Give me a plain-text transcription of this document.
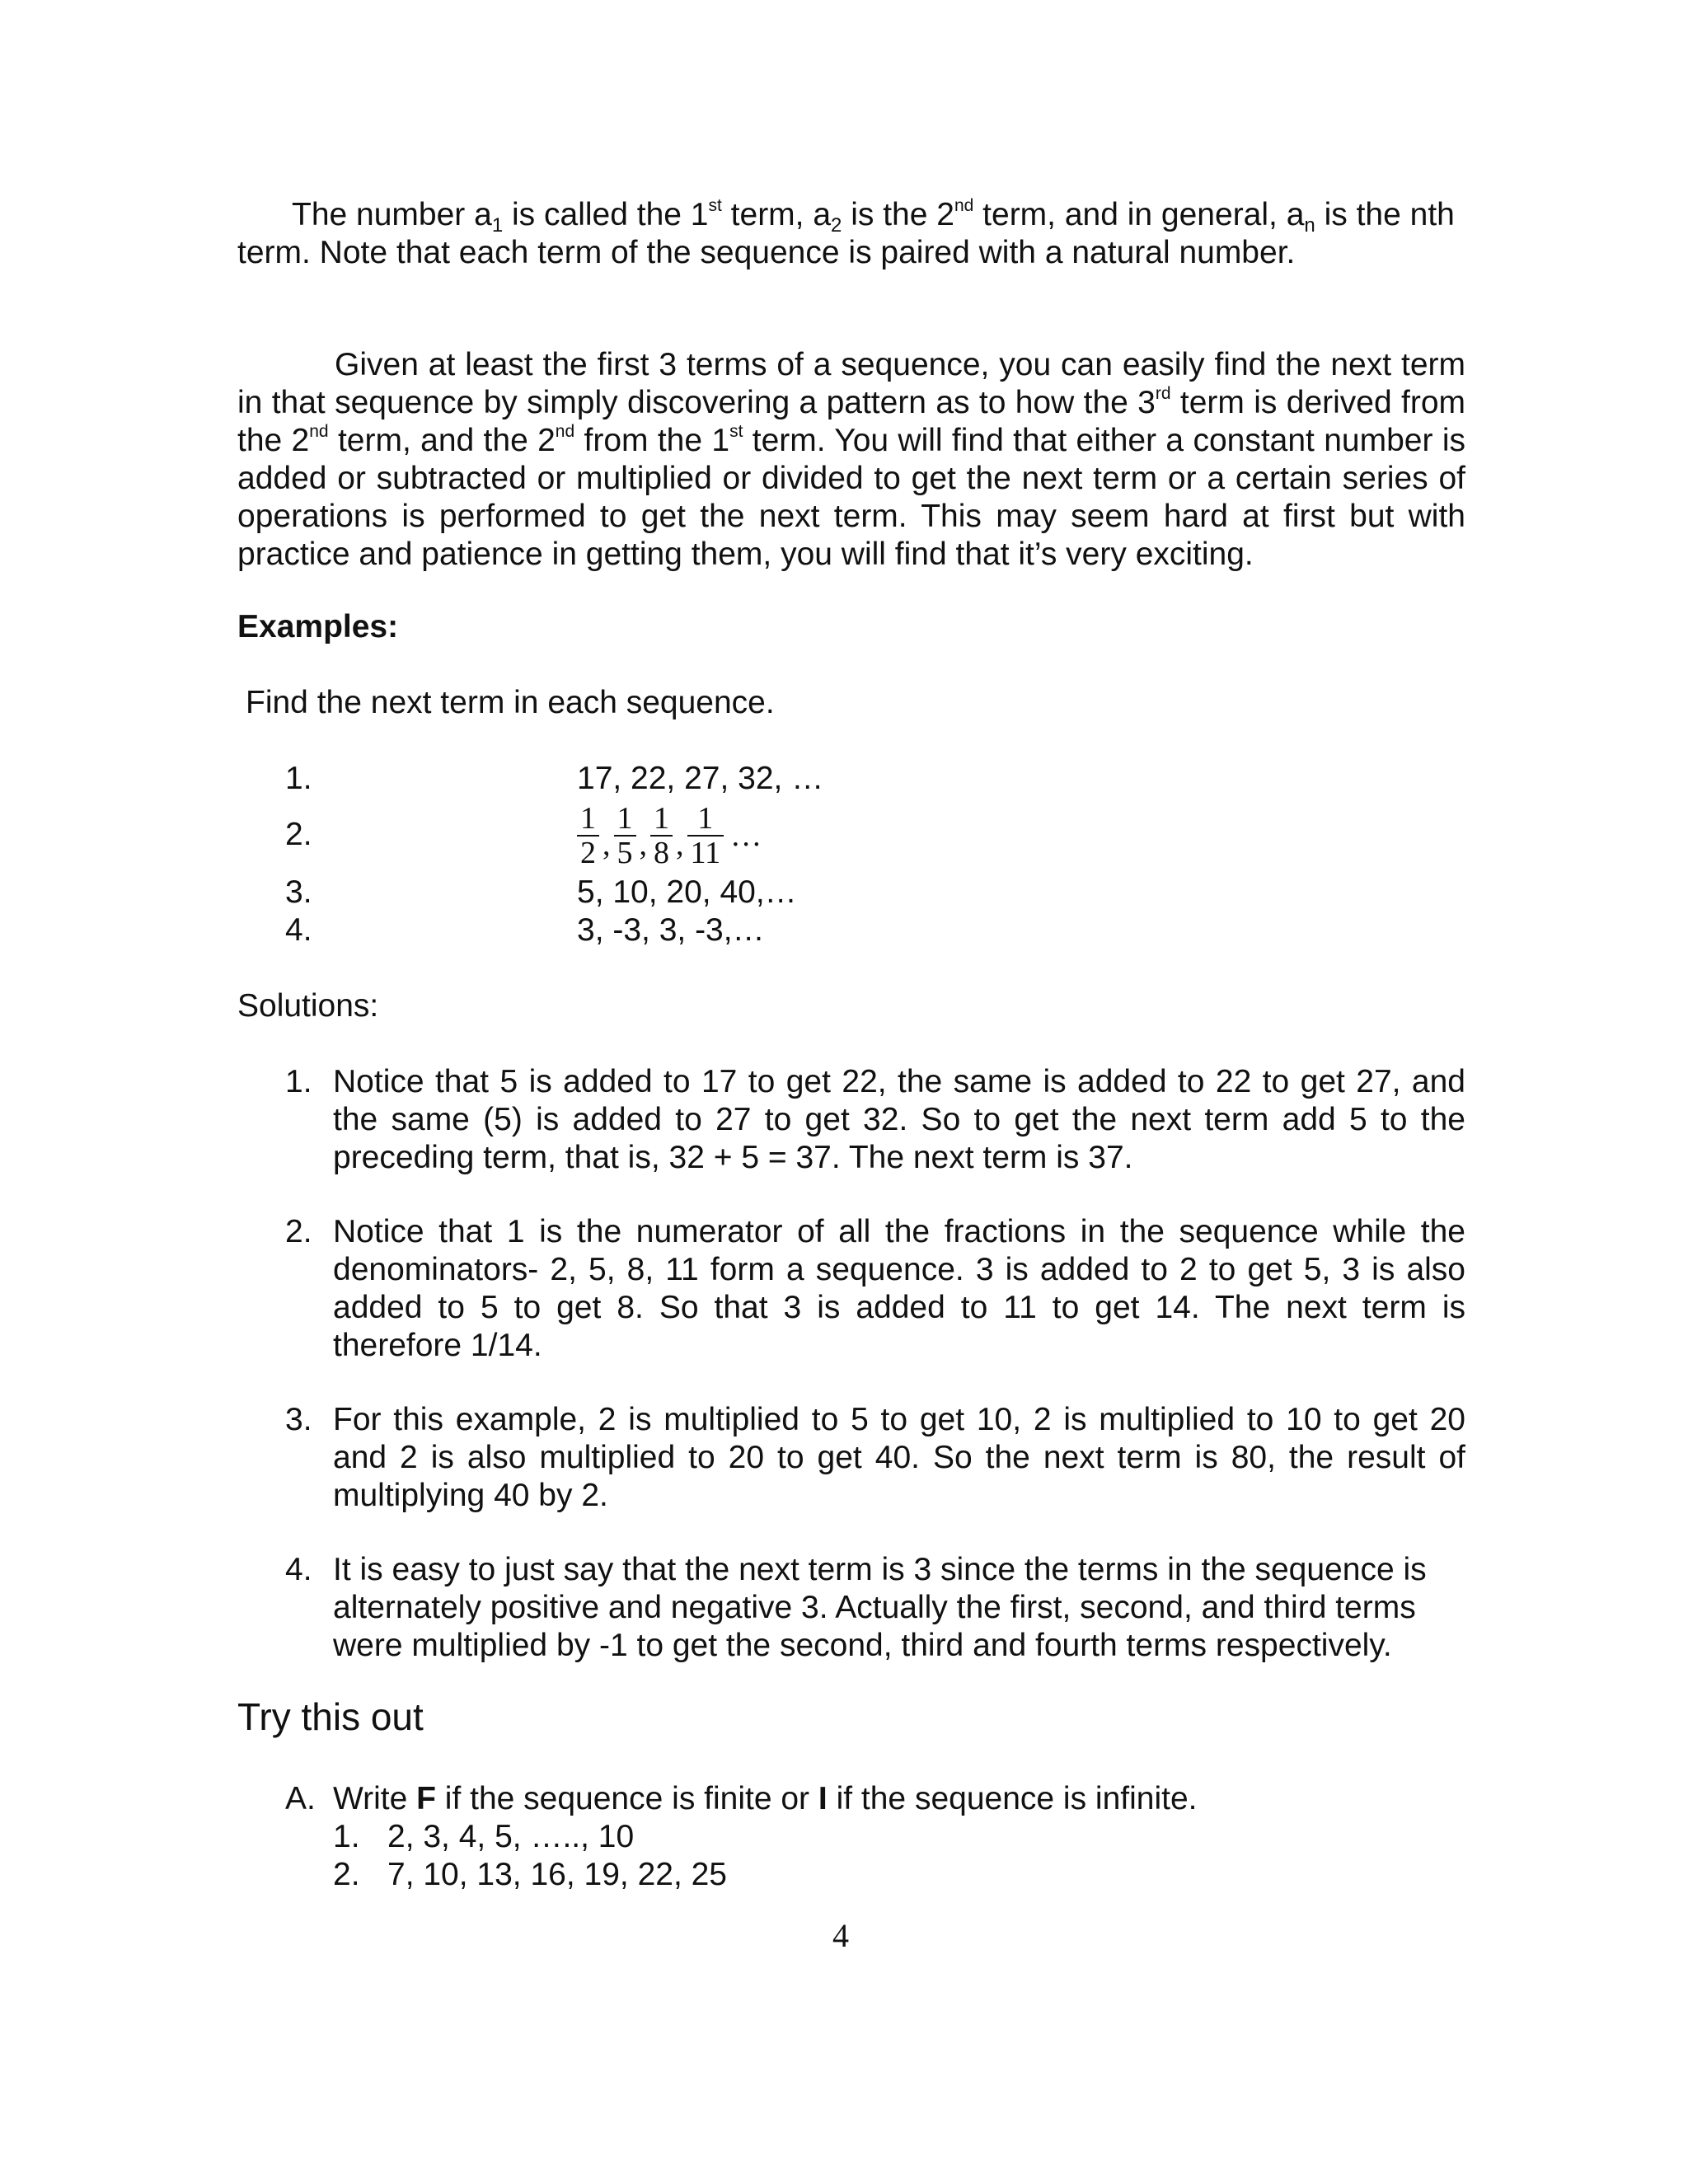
The number $a_1$ is called the 1st term, $a_2$ is the 2nd term, and in general, $a_n$ is the nth term. Note that each term of the sequence is paired with a natural number.

Given at least the first 3 terms of a sequence, you can easily find the next term in that sequence by simply discovering a pattern as to how the 3rd term is derived from the 2nd term, and the 2nd from the 1st term. You will find that either a constant number is added or subtracted or multiplied or divided to get the next term or a certain series of operations is performed to get the next term. This may seem hard at first but with practice and patience in getting them, you will find that it’s very exciting.

Examples:
Find the next term in each sequence.
1.	17, 22, 27, 32, …
2.	$\frac{1}{2}$ , $\frac{1}{5}$ , $\frac{1}{8}$ , $\frac{1}{11}$ …
3.	5, 10, 20, 40,…
4.	3, -3, 3, -3,…
Solutions:
1. Notice that 5 is added to 17 to get 22, the same is added to 22 to get 27, and the same (5) is added to 27 to get 32. So to get the next term add 5 to the preceding term, that is, 32 + 5 = 37. The next term is 37.
2. Notice that 1 is the numerator of all the fractions in the sequence while the denominators- 2, 5, 8, 11 form a sequence. 3 is added to 2 to get 5, 3 is also added to 5 to get 8. So that 3 is added to 11 to get 14. The next term is therefore 1/14.
3. For this example, 2 is multiplied to 5 to get 10, 2 is multiplied to 10 to get 20 and 2 is also multiplied to 20 to get 40. So the next term is 80, the result of multiplying 40 by 2.
4. It is easy to just say that the next term is 3 since the terms in the sequence is alternately positive and negative 3. Actually the first, second, and third terms were multiplied by -1 to get the second, third and fourth terms respectively.
Try this out
A. Write F if the sequence is finite or I if the sequence is infinite.
1. 2, 3, 4, 5, ….., 10
2. 7, 10, 13, 16, 19, 22, 25
4
